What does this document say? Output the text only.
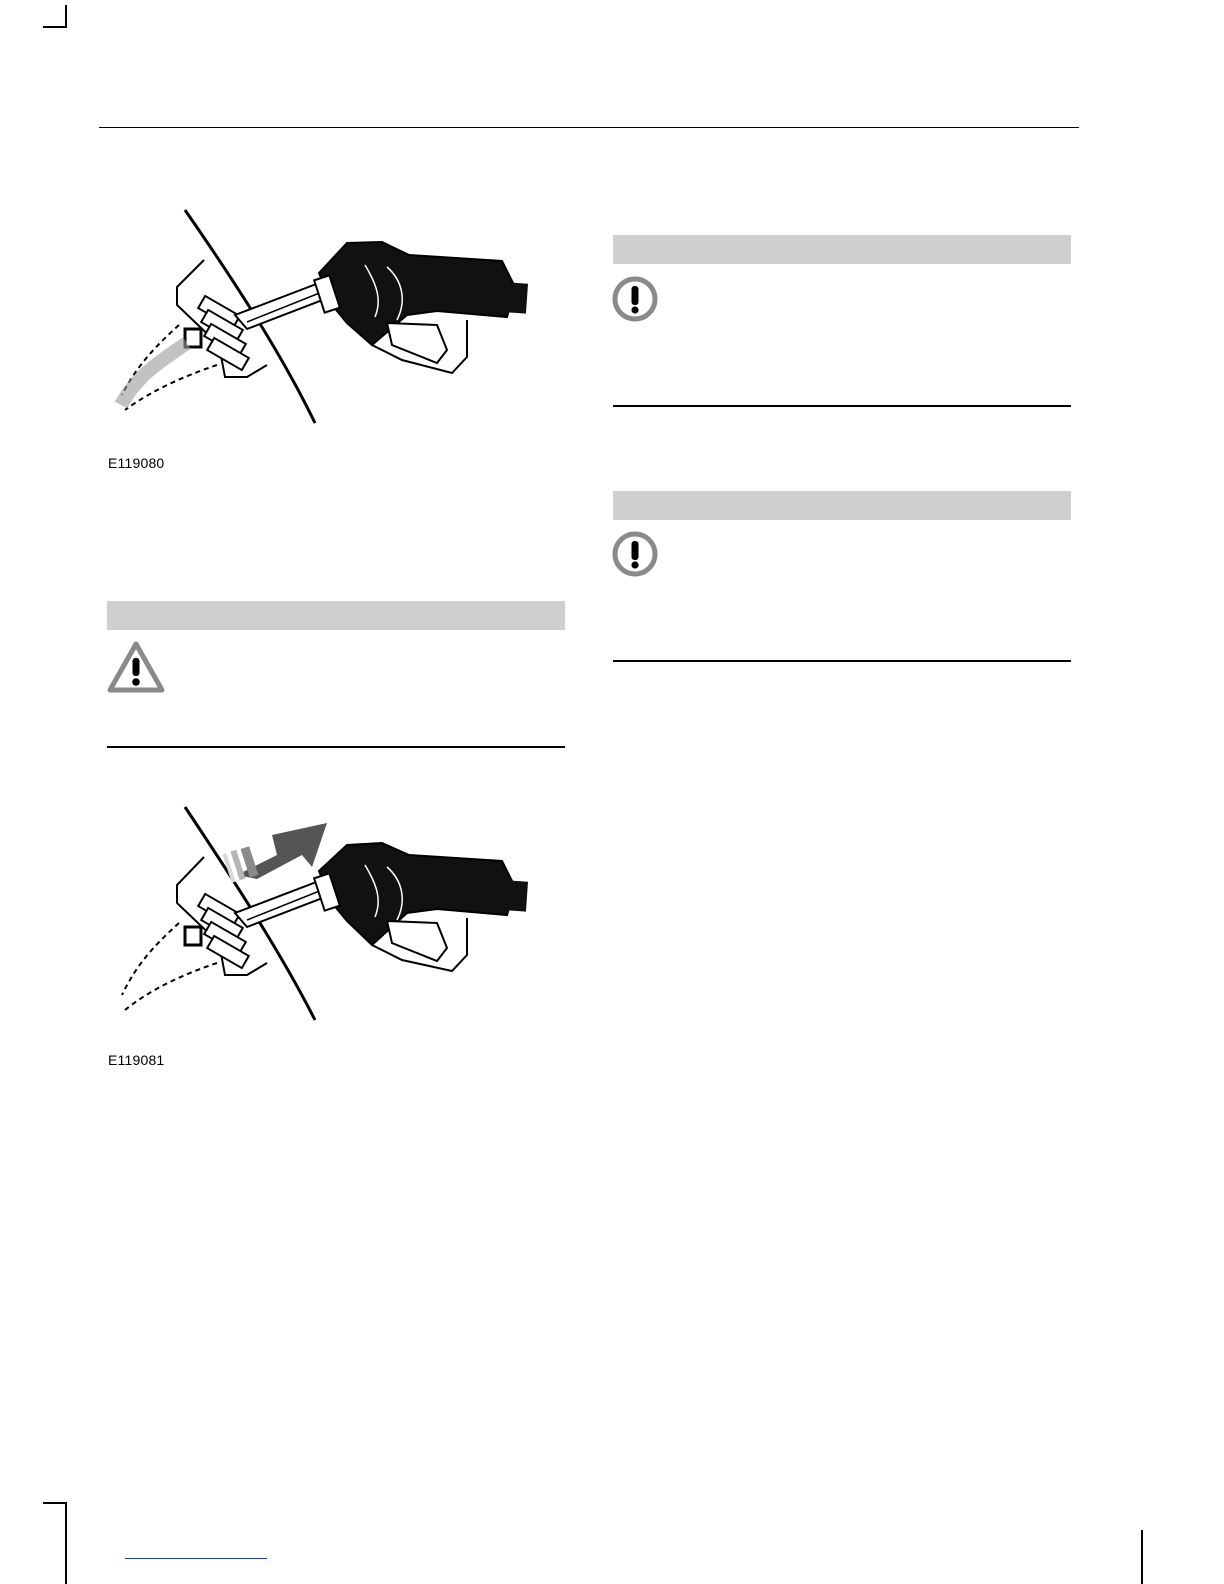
E119080
E119081
